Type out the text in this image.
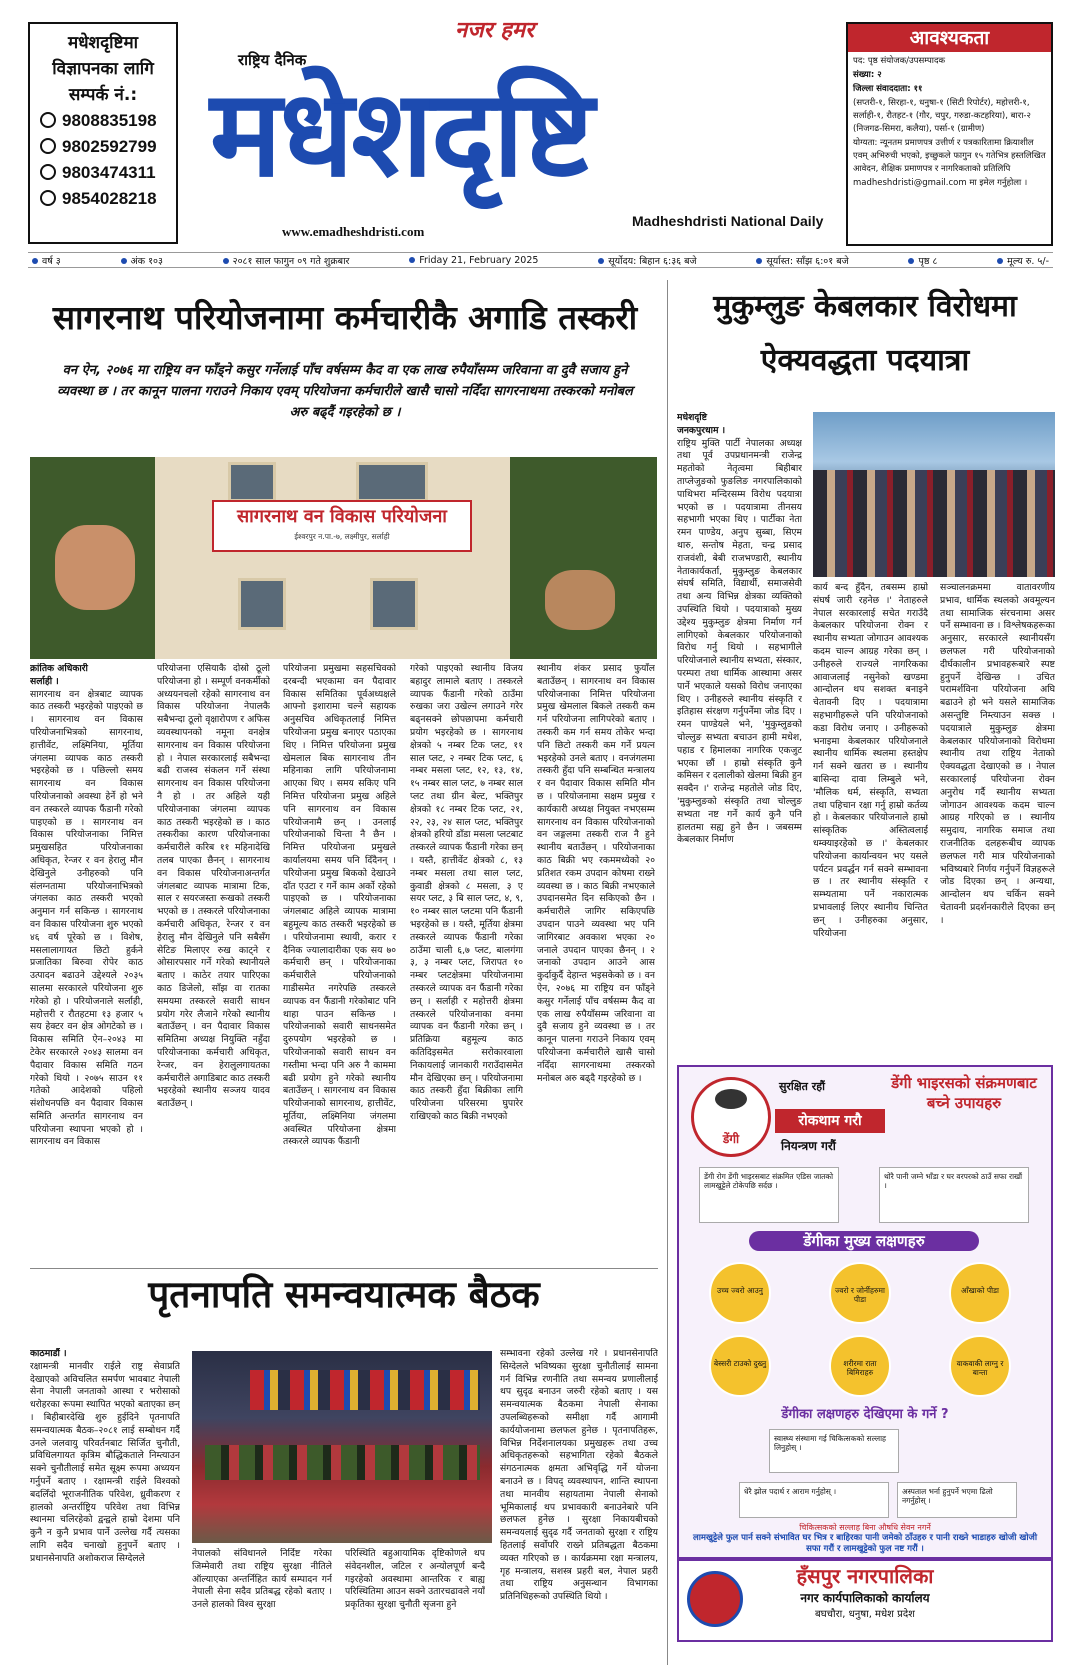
मधेशदृष्टिमा
विज्ञापनका लागि
सम्पर्क नं.:
9808835198
9802592799
9803474311
9854028218
नजर हमर
राष्ट्रिय दैनिक
मधेशदृष्टि
www.emadheshdristi.com
Madheshdristi National Daily
आवश्यकता

पद: पृष्ठ संयोजक/उपसम्पादक

संख्या: २

जिल्ला संवाददाता: ११

(सप्तरी-१, सिरहा-१, धनुषा-१ (सिटी रिपोर्टर), महोत्तरी-१, सर्लाही-१, रौतहट-१ (गौर, चपुर, गरुडा-कटहरिया), बारा-२ (निजगढ-सिमरा, कलैया), पर्सा-१ (ग्रामीण)

योग्यता: न्यूनतम प्रमाणपत्र उत्तीर्ण र पत्रकारितामा क्रियाशील एवम् अभिरुची भएको, इच्छुकले फागुन १५ गतेभित्र हस्तलिखित आवेदन, शैक्षिक प्रमाणपत्र र नागरिकताको प्रतिलिपि

madheshdristi@gmail.com मा इमेल गर्नुहोला ।

वर्ष ३	अंक १०३	२०८१ साल फागुन ०९ गते शुक्रबार	Friday 21, February 2025	सूर्योदय: बिहान ६:३६ बजे	सूर्यास्त: साँझ ६:०१ बजे	पृष्ठ ८	मूल्य रु. ५/-
सागरनाथ परियोजनामा कर्मचारीकै अगाडि तस्करी
वन ऐन, २०७६ मा राष्ट्रिय वन फाँड्ने कसुर गर्नेलाई पाँच वर्षसम्म कैद वा एक लाख रुपैयाँसम्म जरिवाना वा दुवै सजाय हुने व्यवस्था छ । तर कानून पालना गराउने निकाय एवम् परियोजना कर्मचारीले खासै चासो नदिँदा सागरनाथमा तस्करको मनोबल अरु बढ्दैं गइरहेको छ ।
सागरनाथ वन विकास परियोजना
ईश्वरपुर न.पा.-७, लक्ष्मीपुर, सर्लाही
क्रांतिक अधिकारी
सर्लाही ।
सागरनाथ वन क्षेत्रबाट व्यापक काठ तस्करी भइरहेको पाइएको छ । सागरनाथ वन विकास परियोजनाभित्रको सागरनाथ, हात्तीवेंट, लक्ष्मिनिया, मूर्तिया जंगलमा व्यापक काठ तस्करी भइरहेको छ । पछिल्लो समय सागरनाथ वन विकास परियोजनाको अवस्था हेर्ने हो भने वन तस्करले व्यापक फैंडानी गरेको पाइएको छ । सागरनाथ वन विकास परियोजनाका निमित्त प्रमुखसहित परियोजनाका अधिकृत, रेन्जर र वन हेरालु मौन देखिनुले उनीहरुको पनि संलग्नतामा परियोजनाभित्रको जंगलका काठ तस्करी भएको अनुमान गर्न सकिन्छ । सागरनाथ वन विकास परियोजना शुरु भएको ४६ वर्ष पूरेको छ । विशेष, मसलालागायत छिटो हुर्कने प्रजातिका बिरुवा रोपेर काठ उत्पादन बढाउने उद्देश्यले २०३५ सालमा सरकारले परियोजना शुरु गरेको हो । परियोजनाले सर्लाही, महोत्तरी र रौतहटमा १३ हजार ५ सय हेक्टर वन क्षेत्र ओगटेको छ । विकास समिति ऐन–२०४३ मा टेकेर सरकारले २०४३ सालमा वन पैदावार विकास समिति गठन गरेको थियो । २०७५ साउन ११ गतेको आदेशको पहिलो संशोधनपछि वन पैदावार विकास समिति अन्तर्गत सागरनाथ वन परियोजना स्थापना भएको हो । सागरनाथ वन विकास
परियोजना एसियाकै दोस्रो ठूलो परियोजना हो । सम्पूर्ण वनकर्मीको अध्ययनचलो रहेको सागरनाथ वन विकास परियोजना नेपालकै सबैभन्दा ठूलो वृक्षारोपण र अफिस व्यवस्थापनको नमूना वनक्षेत्र सागरनाथ वन विकास परियोजना हो । नेपाल सरकारलाई सबैभन्दा बढी राजस्व संकलन गर्ने संस्था सागरनाथ वन विकास परियोजना नै हो । तर अहिले यही परियोजनाका जंगलमा व्यापक काठ तस्करी भइरहेको छ । काठ तस्करीका कारण परियोजनाका कर्मचारीले करिब ११ महिनादेखि तलब पाएका छैनन् । सागरनाथ वन विकास परियोजनाअन्तर्गत जंगलबाट व्यापक मात्रामा टिक, साल र सयरजस्ता रूखको तस्करी भएको छ । तस्करले परियोजनाका कर्मचारी अधिकृत, रेन्जर र वन हेरालु मौन देखिनुले पनि सबैसँग सेटिङ मिलाएर रुख काट्ने र ओसारपसार गर्ने गरेको स्थानीयले बताए । काठेर तयार पारिएका काठ डिजेलो, साँझ वा रातका समयमा तस्करले सवारी साधन प्रयोग गरेर लैजाने गरेको स्थानीय बताउँछन् । वन पैदावार विकास समितिमा अध्यक्ष नियुक्ति नहुँदा परियोजनाका कर्मचारी अधिकृत, रेन्जर, वन हेरालुलगायतका कर्मचारीले अगाडिबाट काठ तस्करी भइरहेको स्थानीय सञ्जय यादव बताउँछन् ।
परियोजना प्रमुखमा सहसचिवको दरबन्दी भएकामा वन पैदावार विकास समितिका पूर्वअध्यक्षले आफ्नो इशारामा चल्ने सहायक अनुसचिव अधिकृतलाई निमित्त परियोजना प्रमुख बनाएर पठाएका थिए । निमित्त परियोजना प्रमुख खेमलाल बिक सागरनाथ तीन महिनाका लागि परियोजनामा आएका थिए । समय सकिए पनि निमित्त परियोजना प्रमुख अहिले पनि सागरनाथ वन विकास परियोजनामै छन् । उनलाई परियोजनाको चिन्ता नै छैन । निमित्त परियोजना प्रमुखले कार्यालयमा समय पनि दिँदैनन् । परियोजना प्रमुख बिकको देखाउने दाँत एउटा र गर्ने काम अर्को रहेको पाइएको छ । परियोजनाका जंगलबाट अहिले व्यापक मात्रामा बहुमूल्य काठ तस्करी भइरहेको छ । परियोजनामा स्थायी, करार र दैनिक ज्यालादारीका एक सय ७० कर्मचारी छन् । परियोजनाका कर्मचारीले परियोजनाको गाडीसमेत नगरेपछि तस्करले व्यापक वन फैंडानी गरेकोबाट पनि थाहा पाउन सकिन्छ । परियोजनाको सवारी साधनसमेत दुरुपयोग भइरहेको छ । परियोजनाको सवारी साधन वन गस्तीमा भन्दा पनि अरु नै काममा बढी प्रयोग हुने गरेको स्थानीय बताउँछन् । सागरनाथ वन विकास परियोजनाको सागरनाथ, हात्तीवेंट, मूर्तिया, लक्ष्मिनिया जंगलमा अवस्थित परियोजना क्षेत्रमा तस्करले व्यापक फैंडानी
गरेको पाइएको स्थानीय विजय बहादुर लामाले बताए । तस्करले व्यापक फैंडानी गरेको ठाउँमा रुखका जरा उखेल्न लगाउने गरेर बढ्नसक्ने छोपछापमा कर्मचारी प्रयोग भइरहेको छ । सागरनाथ क्षेत्रको ५ नम्बर टिक प्लट, ११ साल प्लट, २ नम्बर टिक प्लट, ६ नम्बर मसला प्लट, १२, १३, १४, १५ नम्बर साल प्लट, ७ नम्बर साल प्लट तथा ग्रीन बेल्ट, भक्तिपुर क्षेत्रको १८ नम्बर टिक प्लट, २१, २२, २३, २४ साल प्लट, भक्तिपुर क्षेत्रको हरियो डाँडा मसला प्लटबाट तस्करले व्यापक फैंडानी गरेका छन् । यस्तै, हात्तीवेंट क्षेत्रको ८, १३ नम्बर मसला तथा साल प्लट, कुवाडी क्षेत्रको ८ मसला, ३ ए सयर प्लट, ३ बि साल प्लट, ४, ९, १० नम्बर साल प्लटमा पनि फैंडानी भइरहेको छ । यस्तै, मूर्तिया क्षेत्रमा तस्करले व्यापक फैंडानी गरेका ठाउँमा चाली ६,७ प्लट, बालगंगा ३, ३ नम्बर प्लट, जिरापत १० नम्बर प्लटक्षेत्रमा परियोजनामा तस्करले व्यापक वन फैंडानी गरेका छन् । सर्लाही र महोत्तरी क्षेत्रमा तस्करले परियोजनाका वनमा व्यापक वन फैंडानी गरेका छन् । प्रतिक्रिया बहुमूल्य काठ कतिदिइसमेत सरोकारवाला निकायलाई जानकारी गराउँदासमेत मौन देखिएका छन् । परियोजनामा काठ तस्करी हुँदा बिक्रीका लागि परियोजना परिसरमा घुपारेर राखिएको काठ बिक्री नभएको
स्थानीय शंकर प्रसाद फुयाँल बताउँछन् । सागरनाथ वन विकास परियोजनाका निमित्त परियोजना प्रमुख खेमलाल बिकले तस्करी कम गर्न परियोजना लागिपरेको बताए । तस्करी कम गर्न समय तोकेर भन्दा पनि छिटो तस्करी कम गर्ने प्रयत्न भइरहेको उनले बताए । वनजंगलमा तस्करी हुँदा पनि सम्बन्धित मन्त्रालय र वन पैदावार विकास समिति मौन छ । परियोजनामा सक्षम प्रमुख र कार्यकारी अध्यक्ष नियुक्त नभएसम्म सागरनाथ वन विकास परियोजनाको वन जङ्गलमा तस्करी राज नै हुने स्थानीय बताउँछन् । परियोजनाका काठ बिक्री भए रकममध्येको २० प्रतिशत रकम उपदान कोषमा राख्ने व्यवस्था छ । काठ बिक्री नभएकाले उपदानसमेत दिन सकिएको छैन । कर्मचारीले जागिर सकिएपछि उपदान पाउने व्यवस्था भए पनि जागिरबाट अवकाश भएका २० जनाले उपदान पाएका छैनन् । २ जनाको उपदान आउने आस कुर्दाकुर्दै देहान्त भइसकेको छ । वन ऐन, २०७६ मा राष्ट्रिय वन फाँड्ने कसुर गर्नेलाई पाँच वर्षसम्म कैद वा एक लाख रुपैयाँसम्म जरिवाना वा दुवै सजाय हुने व्यवस्था छ । तर कानून पालना गराउने निकाय एवम् परियोजना कर्मचारीले खासै चासो नदिँदा सागरनाथमा तस्करको मनोबल अरु बढ्दै गइरहेको छ ।
मुकुम्लुङ केबलकार विरोधमा
ऐक्यवद्धता पदयात्रा
मधेशदृष्टि
जनकपुरधाम ।
राष्ट्रिय मुक्ति पार्टी नेपालका अध्यक्ष तथा पूर्व उपप्रधानमन्त्री राजेन्द्र महतोको नेतृत्वमा बिहीबार ताप्लेजुङको फुङलिङ नगरपालिकाको पाथिभरा मन्दिरसम्म विरोध पदयात्रा भएको छ । पदयात्रामा तीनसय सहभागी भएका थिए । पार्टीका नेता रमन पाण्डेय, अनुप सुब्बा, सिएम थारु, सन्तोष मेहता, चन्द्र प्रसाद राजवंशी, बेबी राजभण्डारी, स्थानीय नेताकार्यकर्ता, मुकुम्लुङ केबलकार संघर्ष समिति, विद्यार्थी, समाजसेवी तथा अन्य विभिन्न क्षेत्रका व्यक्तिको उपस्थिति थियो । पदयात्राको मुख्य उद्देश्य मुकुम्लुङ क्षेत्रमा निर्माण गर्न लागिएको केबलकार परियोजनाको विरोध गर्नु थियो । सहभागीले परियोजनाले स्थानीय सभ्यता, संस्कार, परम्परा तथा धार्मिक आस्थामा असर पार्ने भएकाले यसको विरोध जनाएका थिए । उनीहरुले स्थानीय संस्कृति र इतिहास संरक्षण गर्नुपर्नेमा जोड दिए । रमन पाण्डेयले भने, 'मुकुम्लुङको चोल्लुङ सभ्यता बचाउन हामी मधेश, पहाड र हिमालका नागरिक एकजुट भएका छौं । हाम्रो संस्कृति कुनै कमिसन र दलालीको खेलमा बिक्री हुन सक्दैन ।' राजेन्द्र महतोले जोड दिए, 'मुकुम्लुङको संस्कृति तथा चोल्लुङ सभ्यता नष्ट गर्ने कार्य कुनै पनि हालतमा सह्य हुने छैन । जबसम्म केबलकार निर्माण
कार्य बन्द हुँदैन, तबसम्म हाम्रो संघर्ष जारी रहनेछ ।' नेताहरुले नेपाल सरकारलाई सचेत गराउँदै केबलकार परियोजना रोक्न र स्थानीय सभ्यता जोगाउन आवश्यक कदम चाल्न आग्रह गरेका छन् । उनीहरुले राज्यले नागरिकका आवाजलाई नसुनेको खण्डमा आन्दोलन थप सशक्त बनाइने चेतावनी दिए । पदयात्रामा सहभागीहरूले पनि परियोजनाको कडा विरोध जनाए । उनीहरूको भनाइमा केबलकार परियोजनाले स्थानीय धार्मिक स्थलमा हस्तक्षेप गर्न सक्ने खतरा छ । स्थानीय बासिन्दा दावा लिम्बुले भने, 'मौलिक धर्म, संस्कृति, सभ्यता तथा पहिचान रक्षा गर्नु हाम्रो कर्तव्य हो । केबलकार परियोजनाले हाम्रो सांस्कृतिक अस्तित्वलाई धम्क्याइरहेको छ ।' केबलकार परियोजना कार्यान्वयन भए यसले पर्यटन प्रवर्द्धन गर्न सक्ने सम्भावना छ । तर स्थानीय संस्कृति र सम्भ्यतामा पर्ने नकारात्मक प्रभावलाई लिएर स्थानीय चिन्तित छन् । उनीहरुका अनुसार, परियोजना
सञ्चालनक्रममा वातावरणीय प्रभाव, धार्मिक स्थलको अवमूल्यन तथा सामाजिक संरचनामा असर पर्ने सम्भावना छ । विश्लेषकहरूका अनुसार, सरकारले स्थानीयसँग छलफल गरी परियोजनाको दीर्घकालीन प्रभावहरूबारे स्पष्ट हुनुपर्ने देखिन्छ । उचित परामर्शविना परियोजना अघि बढाउने हो भने यसले सामाजिक असन्तुष्टि निम्त्याउन सक्छ । पदयात्राले मुकुम्लुङ क्षेत्रमा केबलकार परियोजनाको विरोधमा स्थानीय तथा राष्ट्रिय नेताको ऐक्यवद्धता देखाएको छ । नेपाल सरकारलाई परियोजना रोक्न अनुरोध गर्दै स्थानीय सभ्यता जोगाउन आवश्यक कदम चाल्न आग्रह गरिएको छ । स्थानीय समुदाय, नागरिक समाज तथा राजनीतिक दलहरूबीच व्यापक छलफल गरी मात्र परियोजनाको भविष्यबारे निर्णय गर्नुपर्ने विज्ञहरूले जोड दिएका छन् । अन्यथा, आन्दोलन थप चर्किन सक्ने चेतावनी प्रदर्शनकारीले दिएका छन् ।
पृतनापति समन्वयात्मक बैठक
काठमाडौं ।
रक्षामन्त्री मानवीर राईले राष्ट्र सेवाप्रति देखाएको अविचलित समर्पण भावबाट नेपाली सेना नेपाली जनताको आस्था र भरोसाको धरोहरका रूपमा स्थापित भएको बताएका छन् । बिहीबारदेखि शुरु हुईदिने पृतनापति समन्वयात्मक बैठक–२०८१ लाई सम्बोधन गर्दै उनले जलवायु परिवर्तनबाट सिर्जित चुनौती, प्रविधिलगायत कृत्रिम बौद्धिकताले निम्त्याउन सक्ने चुनौतीलाई समेत सूक्ष्म रूपमा अध्ययन गर्नुपर्ने बताए । रक्षामन्त्री राईले विश्वको बदलिँदो भूराजनीतिक परिवेश, ध्रुवीकरण र हालको अन्तर्राष्ट्रिय परिवेश तथा विभिन्न स्थानमा चलिरहेको द्वन्द्वले हाम्रो देशमा पनि कुनै न कुनै प्रभाव पार्ने उल्लेख गर्दै त्यसका लागि सदैव चनाखो हुनुपर्ने बताए । प्रधानसेनापति अशोकराज सिग्देलले	नेपालको संविधानले निर्दिष्ट गरेका जिम्मेवारी तथा राष्ट्रिय सुरक्षा नीतिले ऑल्याएका अन्तर्निहित कार्य सम्पादन गर्न नेपाली सेना सदैव प्रतिबद्ध रहेको बताए । उनले हालको विश्व सुरक्षा
परिस्थिति बहुआयामिक दृष्टिकोणले थप संवेदनशील, जटिल र अन्योलपूर्ण बन्दै गइरहेको अवस्थामा आन्तरिक र बाह्य परिस्थितिमा आउन सक्ने उतारचढावले नयाँ प्रकृतिका सुरक्षा चुनौती सृजना हुने
सम्भावना रहेको उल्लेख गरे । प्रधानसेनापति सिग्देलले भविष्यका सुरक्षा चुनौतीलाई सामना गर्न विभिन्न रणनीति तथा समन्वय प्रणालीलाई थप सुदृढ बनाउन जरुरी रहेको बताए । यस समन्वयात्मक बैठकमा नेपाली सेनाका उपलब्धिहरूको समीक्षा गर्दै आगामी कार्ययोजनामा छलफल हुनेछ । पृतनापतिहरू, विभिन्न निर्देशनालयका प्रमुखहरू तथा उच्च अधिकृतहरूको सहभागिता रहेको बैठकले संगठनात्मक क्षमता अभिवृद्धि गर्ने योजना बनाउने छ । विपद् व्यवस्थापन, शान्ति स्थापना तथा मानवीय सहायतामा नेपाली सेनाको भूमिकालाई थप प्रभावकारी बनाउनेबारे पनि छलफल हुनेछ । सुरक्षा निकायबीचको समन्वयलाई सुदृढ गर्दै जनताको सुरक्षा र राष्ट्रिय हितलाई सर्वोपरि राख्ने प्रतिबद्धता बैठकमा व्यक्त गरिएको छ । कार्यक्रममा रक्षा मन्त्रालय, गृह मन्त्रालय, सशस्त्र प्रहरी बल, नेपाल प्रहरी तथा राष्ट्रिय अनुसन्धान विभागका प्रतिनिधिहरूको उपस्थिति थियो ।
डेंगी
सुरक्षित रहौं	डेंगी भाइरसको संक्रमणबाट बच्ने उपायहरु
रोकथाम गरौ
नियन्त्रण गरौं
डेंगी रोग डेंगी भाइरसबाट संक्रमित एडिस जातको लामखुट्टेले टोकेपछि सर्दछ ।
थोरै पानी जम्ने भाँडा र घर वरपरको ठाउँ सफा राखौं ।
डेंगीका मुख्य लक्षणहरु
उच्च ज्वरो आउनु	ज्वरो र जोर्नीहरुमा पीडा
आँखाको पीडा
बेस्सरी टाउको दुख्नु	शरीरमा राता बिमिराहरु
वाकवाकी लाग्नु र बान्ता
डेंगीका लक्षणहरु देखिएमा के गर्ने ?
स्वास्थ्य संस्थामा गई चिकित्सकको सल्लाह लिनुहोस् ।
धेरै झोल पदार्थ र आराम गर्नुहोस् ।	अस्पताल भर्ना हुनुपर्ने भएमा ढिलो नगर्नुहोस् ।
चिकित्सकको सल्लाह बिना औषधि सेवन नगर्ने
लामखुट्टेले फुल पार्न सक्ने संभावित घर भित्र र बाहिरका पानी जमेको ठाँउहरु र पानी राख्ने भाडाहरु खोजी खोजी सफा गरौं र लामखुट्टेको फुल नष्ट गरौं ।
हँसपुर नगरपालिका
नगर कार्यपालिकाको कार्यालय
बघचौरा, धनुषा, मधेश प्रदेश
